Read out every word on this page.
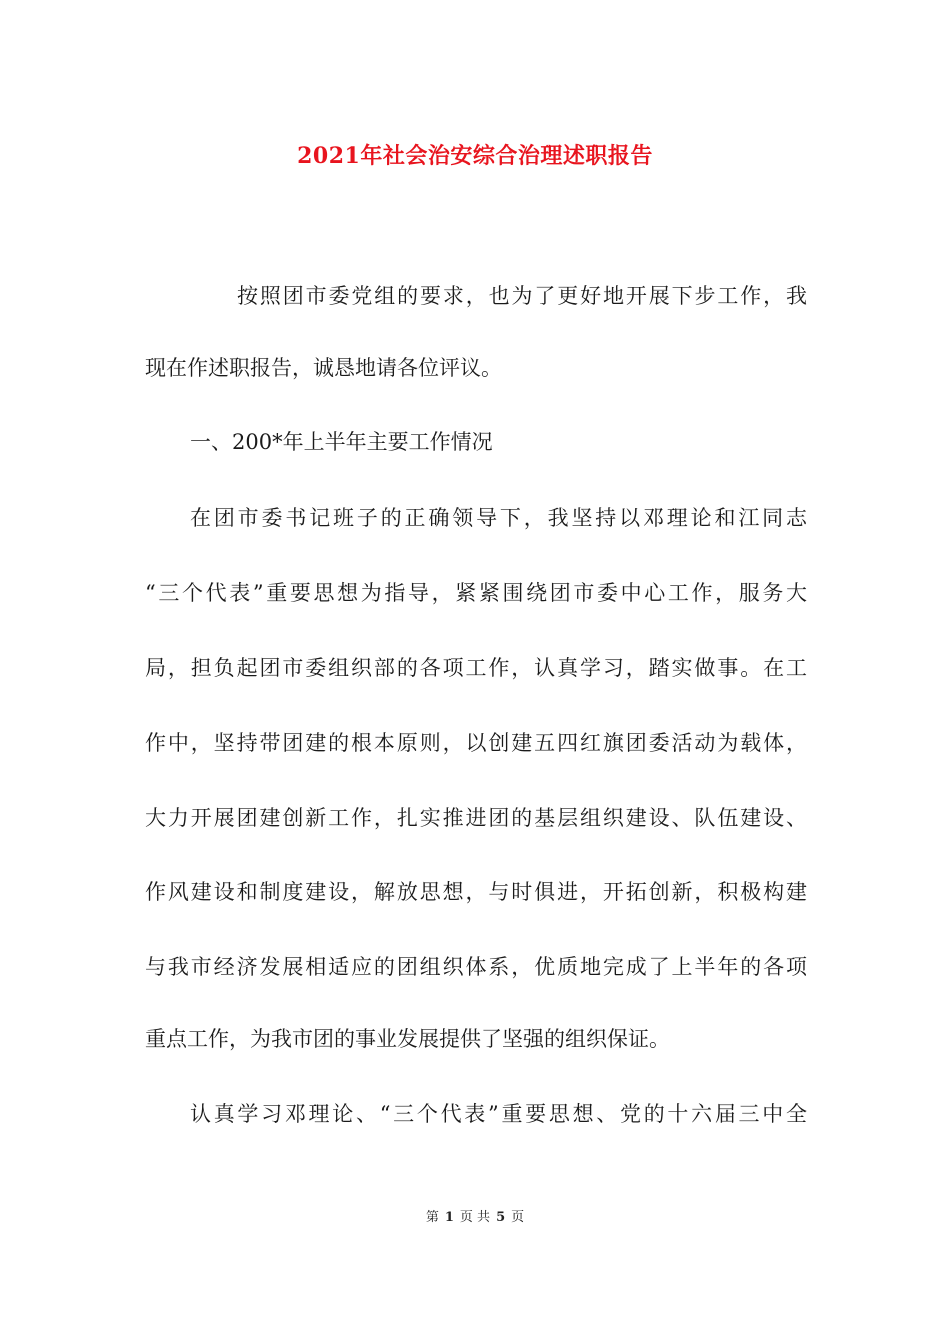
2021年社会治安综合治理述职报告
按照团市委党组的要求，也为了更好地开展下步工作，我
现在作述职报告，诚恳地请各位评议。
一、200*年上半年主要工作情况
在团市委书记班子的正确领导下，我坚持以邓理论和江同志
“三个代表”重要思想为指导，紧紧围绕团市委中心工作，服务大
局，担负起团市委组织部的各项工作，认真学习，踏实做事。在工
作中，坚持带团建的根本原则，以创建五四红旗团委活动为载体，
大力开展团建创新工作，扎实推进团的基层组织建设、队伍建设、
作风建设和制度建设，解放思想，与时俱进，开拓创新，积极构建
与我市经济发展相适应的团组织体系，优质地完成了上半年的各项
重点工作，为我市团的事业发展提供了坚强的组织保证。
认真学习邓理论、“三个代表”重要思想、党的十六届三中全
第 1 页 共 5 页
